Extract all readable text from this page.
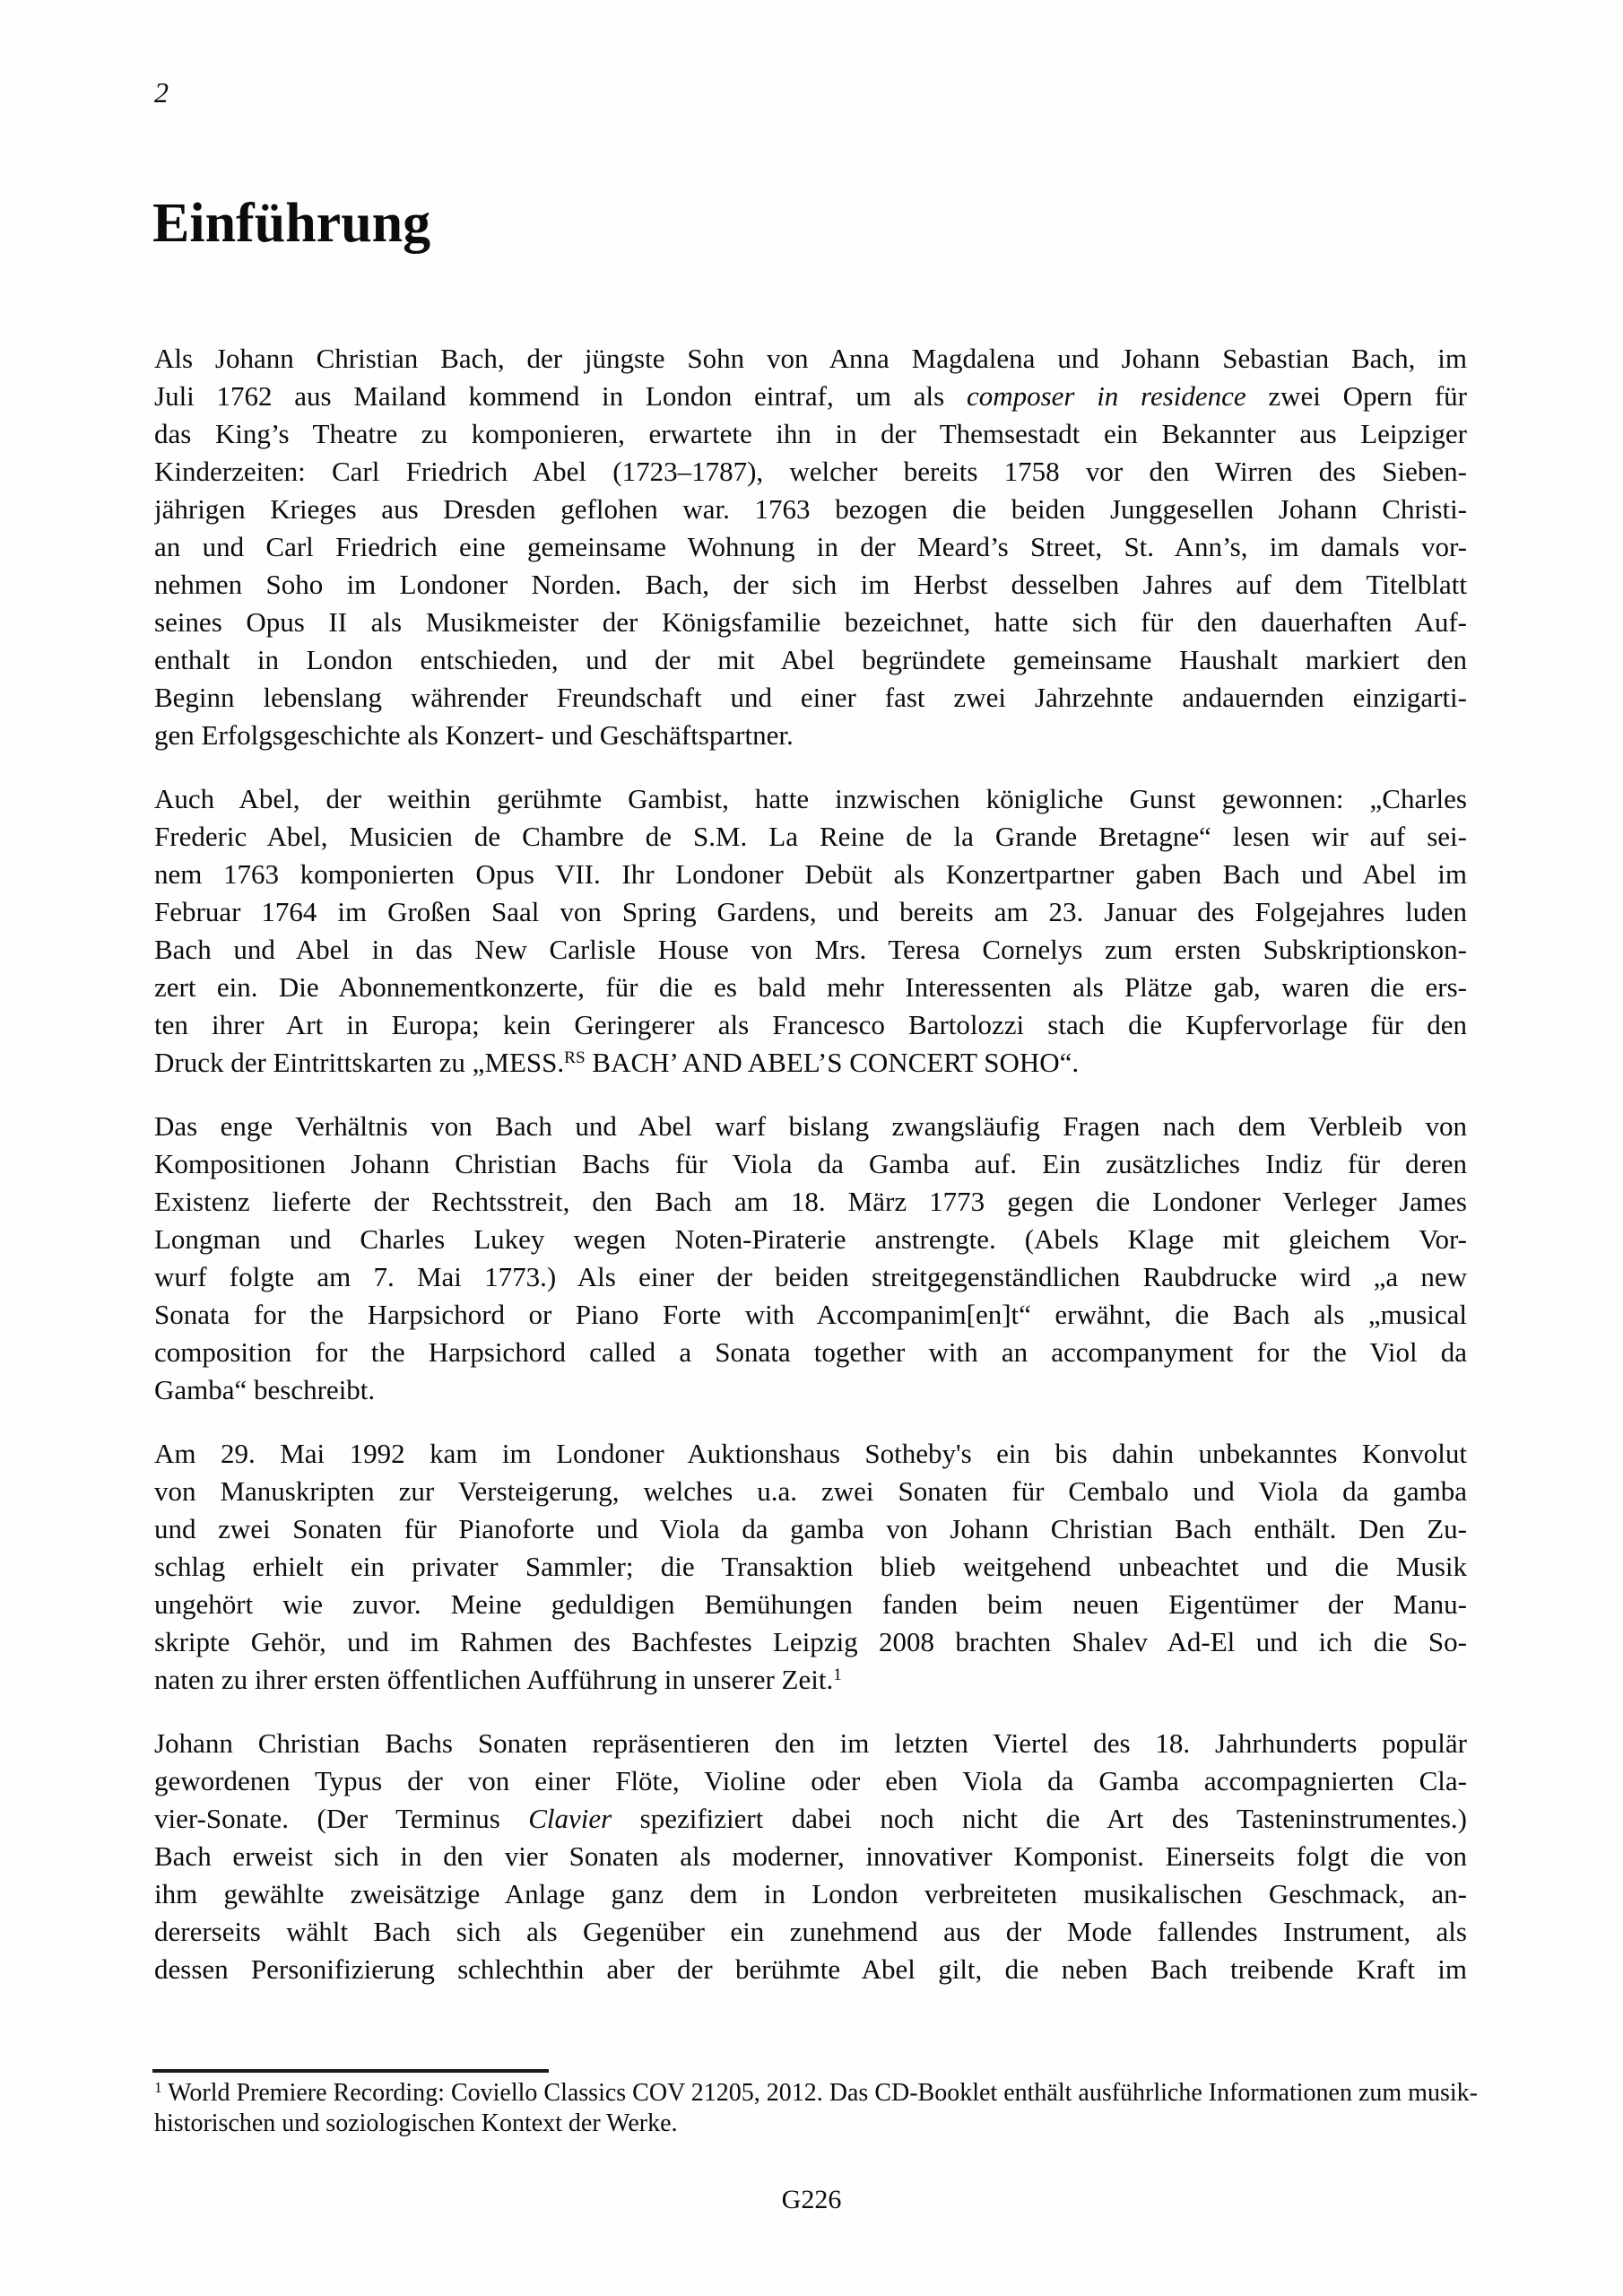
2
Einführung
Als Johann Christian Bach, der jüngste Sohn von Anna Magdalena und Johann Sebastian Bach, im
Juli 1762 aus Mailand kommend in London eintraf, um als composer in residence zwei Opern für
das King’s Theatre zu komponieren, erwartete ihn in der Themsestadt ein Bekannter aus Leipziger
Kinderzeiten: Carl Friedrich Abel (1723–1787), welcher bereits 1758 vor den Wirren des Sieben-
jährigen Krieges aus Dresden geflohen war. 1763 bezogen die beiden Junggesellen Johann Christi-
an und Carl Friedrich eine gemeinsame Wohnung in der Meard’s Street, St. Ann’s, im damals vor-
nehmen Soho im Londoner Norden. Bach, der sich im Herbst desselben Jahres auf dem Titelblatt
seines Opus II als Musikmeister der Königsfamilie bezeichnet, hatte sich für den dauerhaften Auf-
enthalt in London entschieden, und der mit Abel begründete gemeinsame Haushalt markiert den
Beginn lebenslang währender Freundschaft und einer fast zwei Jahrzehnte andauernden einzigarti-
gen Erfolgsgeschichte als Konzert- und Geschäftspartner.
Auch Abel, der weithin gerühmte Gambist, hatte inzwischen königliche Gunst gewonnen: „Charles
Frederic Abel, Musicien de Chambre de S.M. La Reine de la Grande Bretagne“ lesen wir auf sei-
nem 1763 komponierten Opus VII. Ihr Londoner Debüt als Konzertpartner gaben Bach und Abel im
Februar 1764 im Großen Saal von Spring Gardens, und bereits am 23. Januar des Folgejahres luden
Bach und Abel in das New Carlisle House von Mrs. Teresa Cornelys zum ersten Subskriptionskon-
zert ein. Die Abonnementkonzerte, für die es bald mehr Interessenten als Plätze gab, waren die ers-
ten ihrer Art in Europa; kein Geringerer als Francesco Bartolozzi stach die Kupfervorlage für den
Druck der Eintrittskarten zu „MESS.$^{RS}$ BACH’ AND ABEL’S CONCERT SOHO“.
Das enge Verhältnis von Bach und Abel warf bislang zwangsläufig Fragen nach dem Verbleib von
Kompositionen Johann Christian Bachs für Viola da Gamba auf. Ein zusätzliches Indiz für deren
Existenz lieferte der Rechtsstreit, den Bach am 18. März 1773 gegen die Londoner Verleger James
Longman und Charles Lukey wegen Noten-Piraterie anstrengte. (Abels Klage mit gleichem Vor-
wurf folgte am 7. Mai 1773.) Als einer der beiden streitgegenständlichen Raubdrucke wird „a new
Sonata for the Harpsichord or Piano Forte with Accompanim[en]t“ erwähnt, die Bach als „musical
composition for the Harpsichord called a Sonata together with an accompanyment for the Viol da
Gamba“ beschreibt.
Am 29. Mai 1992 kam im Londoner Auktionshaus Sotheby's ein bis dahin unbekanntes Konvolut
von Manuskripten zur Versteigerung, welches u.a. zwei Sonaten für Cembalo und Viola da gamba
und zwei Sonaten für Pianoforte und Viola da gamba von Johann Christian Bach enthält. Den Zu-
schlag erhielt ein privater Sammler; die Transaktion blieb weitgehend unbeachtet und die Musik
ungehört wie zuvor. Meine geduldigen Bemühungen fanden beim neuen Eigentümer der Manu-
skripte Gehör, und im Rahmen des Bachfestes Leipzig 2008 brachten Shalev Ad-El und ich die So-
naten zu ihrer ersten öffentlichen Aufführung in unserer Zeit.$^1$
Johann Christian Bachs Sonaten repräsentieren den im letzten Viertel des 18. Jahrhunderts populär
gewordenen Typus der von einer Flöte, Violine oder eben Viola da Gamba accompagnierten Cla-
vier-Sonate. (Der Terminus Clavier spezifiziert dabei noch nicht die Art des Tasteninstrumentes.)
Bach erweist sich in den vier Sonaten als moderner, innovativer Komponist. Einerseits folgt die von
ihm gewählte zweisätzige Anlage ganz dem in London verbreiteten musikalischen Geschmack, an-
dererseits wählt Bach sich als Gegenüber ein zunehmend aus der Mode fallendes Instrument, als
dessen Personifizierung schlechthin aber der berühmte Abel gilt, die neben Bach treibende Kraft im
$^1$ World Premiere Recording: Coviello Classics COV 21205, 2012. Das CD-Booklet enthält ausführliche Informationen zum musik-
historischen und soziologischen Kontext der Werke.
G226
